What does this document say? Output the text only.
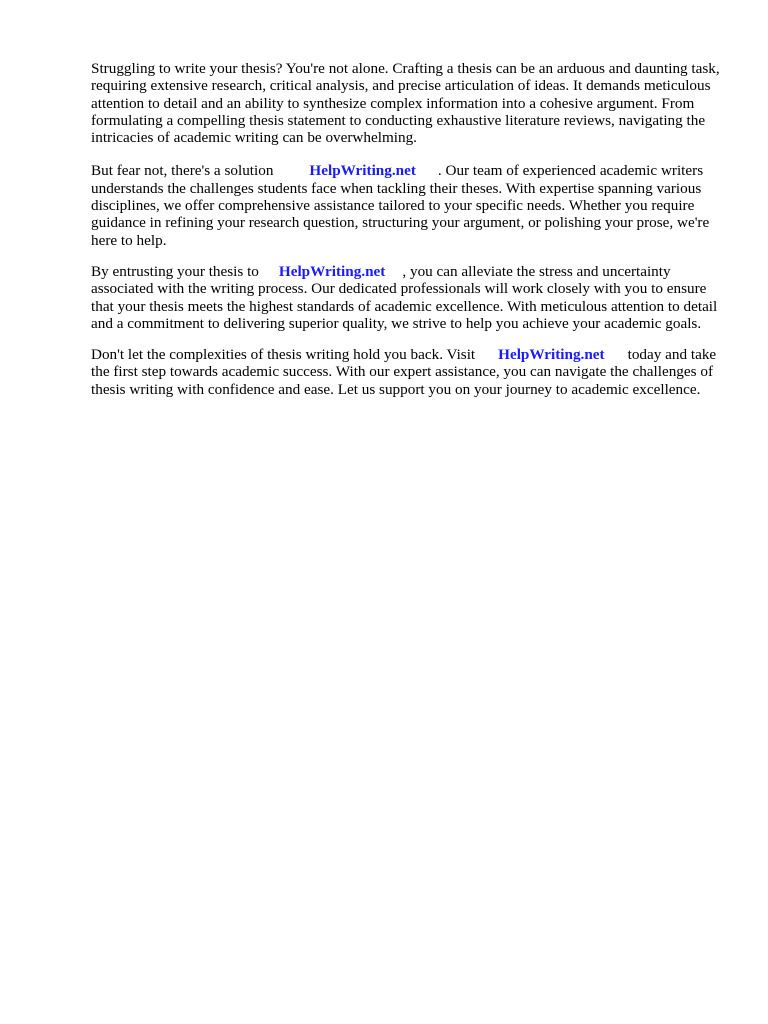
Struggling to write your thesis? You're not alone. Crafting a thesis can be an arduous and daunting task, requiring extensive research, critical analysis, and precise articulation of ideas. It demands meticulous attention to detail and an ability to synthesize complex information into a cohesive argument. From formulating a compelling thesis statement to conducting exhaustive literature reviews, navigating the intricacies of academic writing can be overwhelming.

But fear not, there's a solution HelpWriting.net . Our team of experienced academic writers understands the challenges students face when tackling their theses. With expertise spanning various disciplines, we offer comprehensive assistance tailored to your specific needs. Whether you require guidance in refining your research question, structuring your argument, or polishing your prose, we're here to help.

By entrusting your thesis to HelpWriting.net , you can alleviate the stress and uncertainty associated with the writing process. Our dedicated professionals will work closely with you to ensure that your thesis meets the highest standards of academic excellence. With meticulous attention to detail and a commitment to delivering superior quality, we strive to help you achieve your academic goals.

Don't let the complexities of thesis writing hold you back. Visit HelpWriting.net today and take the first step towards academic success. With our expert assistance, you can navigate the challenges of thesis writing with confidence and ease. Let us support you on your journey to academic excellence.
